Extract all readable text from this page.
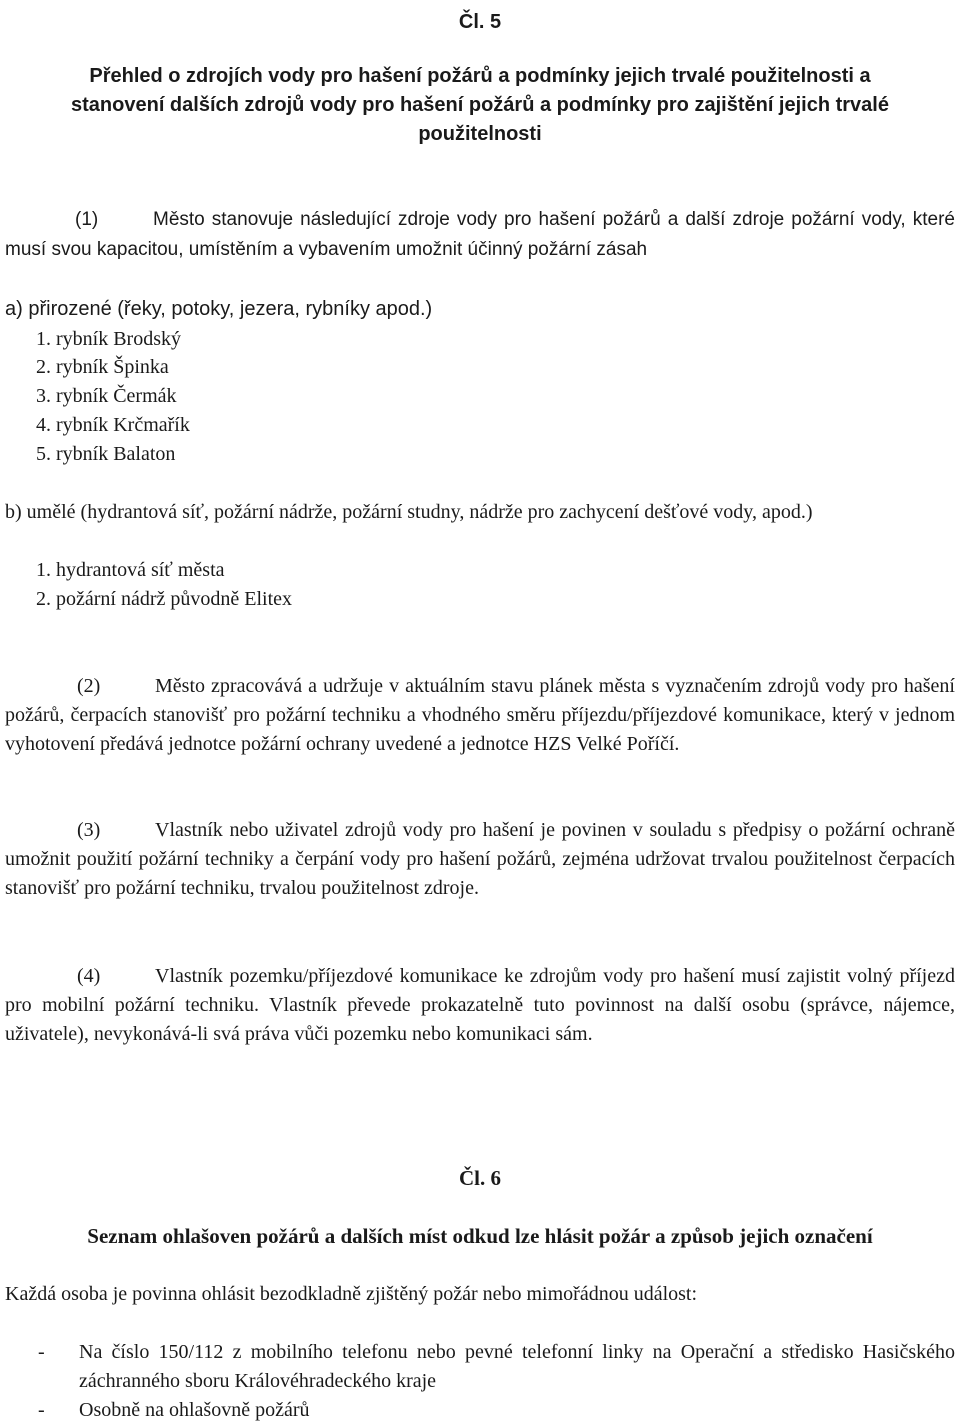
Čl. 5
Přehled o zdrojích vody pro hašení požárů a podmínky jejich trvalé použitelnosti a
stanovení dalších zdrojů vody pro hašení požárů a podmínky pro zajištění jejich trvalé
použitelnosti

(1)	Město stanovuje následující zdroje vody pro hašení požárů a další zdroje požární vody, které musí svou kapacitou, umístěním a vybavením umožnit účinný požární zásah

a) přirozené (řeky, potoky, jezera, rybníky apod.)

1. rybník Brodský

2. rybník Špinka

3. rybník Čermák

4. rybník Krčmařík

5. rybník Balaton

b) umělé (hydrantová síť, požární nádrže, požární studny, nádrže pro zachycení dešťové vody, apod.)

1. hydrantová síť města

2. požární nádrž původně Elitex

(2)	Město zpracovává a udržuje v aktuálním stavu plánek města s vyznačením zdrojů vody pro hašení požárů, čerpacích stanovišť pro požární techniku a vhodného směru příjezdu/příjezdové komunikace, který v jednom vyhotovení předává jednotce požární ochrany uvedené a jednotce HZS Velké Poříčí.

(3)	Vlastník nebo uživatel zdrojů vody pro hašení je povinen v souladu s předpisy o požární ochraně umožnit použití požární techniky a čerpání vody pro hašení požárů, zejména udržovat trvalou použitelnost čerpacích stanovišť pro požární techniku, trvalou použitelnost zdroje.

(4)	Vlastník pozemku/příjezdové komunikace ke zdrojům vody pro hašení musí zajistit volný příjezd pro mobilní požární techniku. Vlastník převede prokazatelně tuto povinnost na další osobu (správce, nájemce, uživatele), nevykonává-li svá práva vůči pozemku nebo komunikaci sám.

Čl. 6
Seznam ohlašoven požárů a dalších míst odkud lze hlásit požár a způsob jejich označení

Každá osoba je povinna ohlásit bezodkladně zjištěný požár nebo mimořádnou událost:

- Na číslo 150/112 z mobilního telefonu nebo pevné telefonní linky na Operační a středisko Hasičského záchranného sboru Královéhradeckého kraje
- Osobně na ohlašovně požárů
